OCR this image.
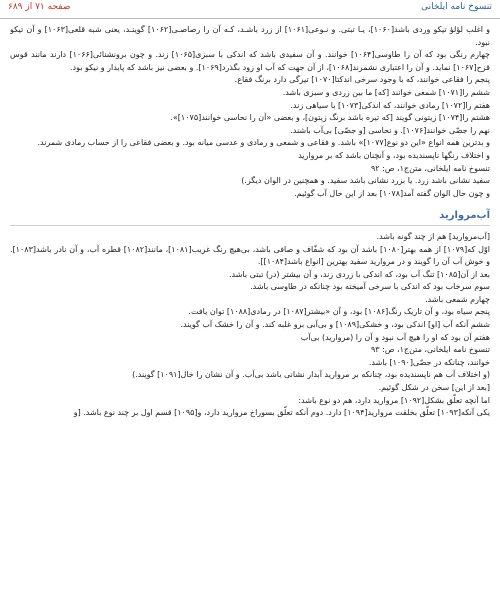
تنسوخ نامه ایلخانی
صفحه ۷۱ از ۶۸۹

و اغلب لؤلؤ تیکو وردی باشد[۱۰۶۰]، یـا تبتی. و نـوعی[۱۰۶۱] از زرد باشـد، کـه آن را رصاصـی[۱۰۶۲] گوینـد، یعنی شبه قلعی[۱۰۶۳] و آن تیکو نبود.

چهارم رنگی بود که آن را طاوسی[۱۰۶۴] خوانند. و آن سفیدی باشد که اندکی با سبزی[۱۰۶۵] زند. و چون برونشنائی[۱۰۶۶] دارند مانند قوس قزح[۱۰۶۷] نماید. و آن را اعتباری نشمرند[۱۰۶۸]، از آن جهت که آب او زود بگذرد[۱۰۶۹]. و بعضی نیز باشد که پایدار و نیکو بود.

پنجم را فقاعی خوانند، که با وجود سرخی اندکتا[۱۰۷۰] تیرگی دارد برنگ فقاع.

ششم را[۱۰۷۱] شمعی خوانند [که] ما بین زردی و سبزی باشد.

هفتم را[۱۰۷۲] رمادی خوانند، که اندکی[۱۰۷۳] با سیاهی زند.

هشتم را[۱۰۷۴] زیتونی گویند [که تیره باشد برنگ زیتون]، و بعضی «آن را نحاسی خوانند[۱۰۷۵]».

نهم را جصّی خوانند[۱۰۷۶]. و نحاسی [و جصّی] بی‌آب باشند.

و بدترین همه انواع «این دو نوع[۱۰۷۷]» باشد. و فقاعی و شمعی و رمادی و عدسی میانه بود. و بعضی فقاعی را از حساب رمادی شمرند.

و اختلاف رنگها ناپسندیده بود، و آنچنان باشد که بر مروارید

تنسوخ نامه ایلخانی، متن‌ج۱، ص: ۹۲

سفید نشانی باشد زرد. یا بزرد نشانی باشد سفید. و همچنین در الوان دیگر.)

و چون حال الوان گفته آمد[۱۰۷۸] بعد از این حال آب گوئیم.

آب‌مروارید

[آب‌مروارید] هم از چند گونه باشد.

اوّل که[۱۰۷۹] از همه بهتر[۱۰۸۰] باشد آن بود که شفّاف و صافی باشد، بی‌هیچ رنگ غریب[۱۰۸۱]، مانند[۱۰۸۲] قطره آب، و آن نادر باشد[۱۰۸۳]. و خوش آب آن را گویند و در مروارید سفید بهترین [انواع باشد[۱۰۸۴]].

بعد از آن[۱۰۸۵] تنگ آب بود، که اندکی با زردی زند، و آن بیشتر (در) تبتی باشد.

سوم سرخاب بود که اندکی با سرخی آمیخته بود چنانکه در طاوسی باشد.

چهارم شمعی باشد.

پنجم سیاه بود، و آن تاریک رنگ[۱۰۸۶] بود، و آن «بیشتر[۱۰۸۷] در رمادی[۱۰۸۸] توان یافت.

ششم آنکه آب [او] اندکی بود، و خشکی[۱۰۸۹] و بی‌آبی برو غلبه کند. و آن را خشک آب گویند.

هفتم آن بود که او را هیچ آب نبود و آن را (مروارید) بی‌آب

تنسوخ نامه ایلخانی، متن‌ج۱، ص: ۹۳

خوانند، چنانکه در جصّی[۱۰۹۰] باشد.

(و اختلاف آب هم ناپسندیده بود، چنانکه بر مروارید آبدار نشانی باشد بی‌آب. و آن نشان را خال[۱۰۹۱] گویند.)

[بعد از این] سخن در شکل گوئیم.

اما آنچه تعلّق بشکل[۱۰۹۲] مروارید دارد، هم دو نوع باشد:

یکی آنکه[۱۰۹۳] تعلّق بخلقت مروارید[۱۰۹۴] دارد. دوم آنکه تعلّق بسوراخ مروارید دارد، و[۱۰۹۵] قسم اول بر چند نوع باشد. [و
